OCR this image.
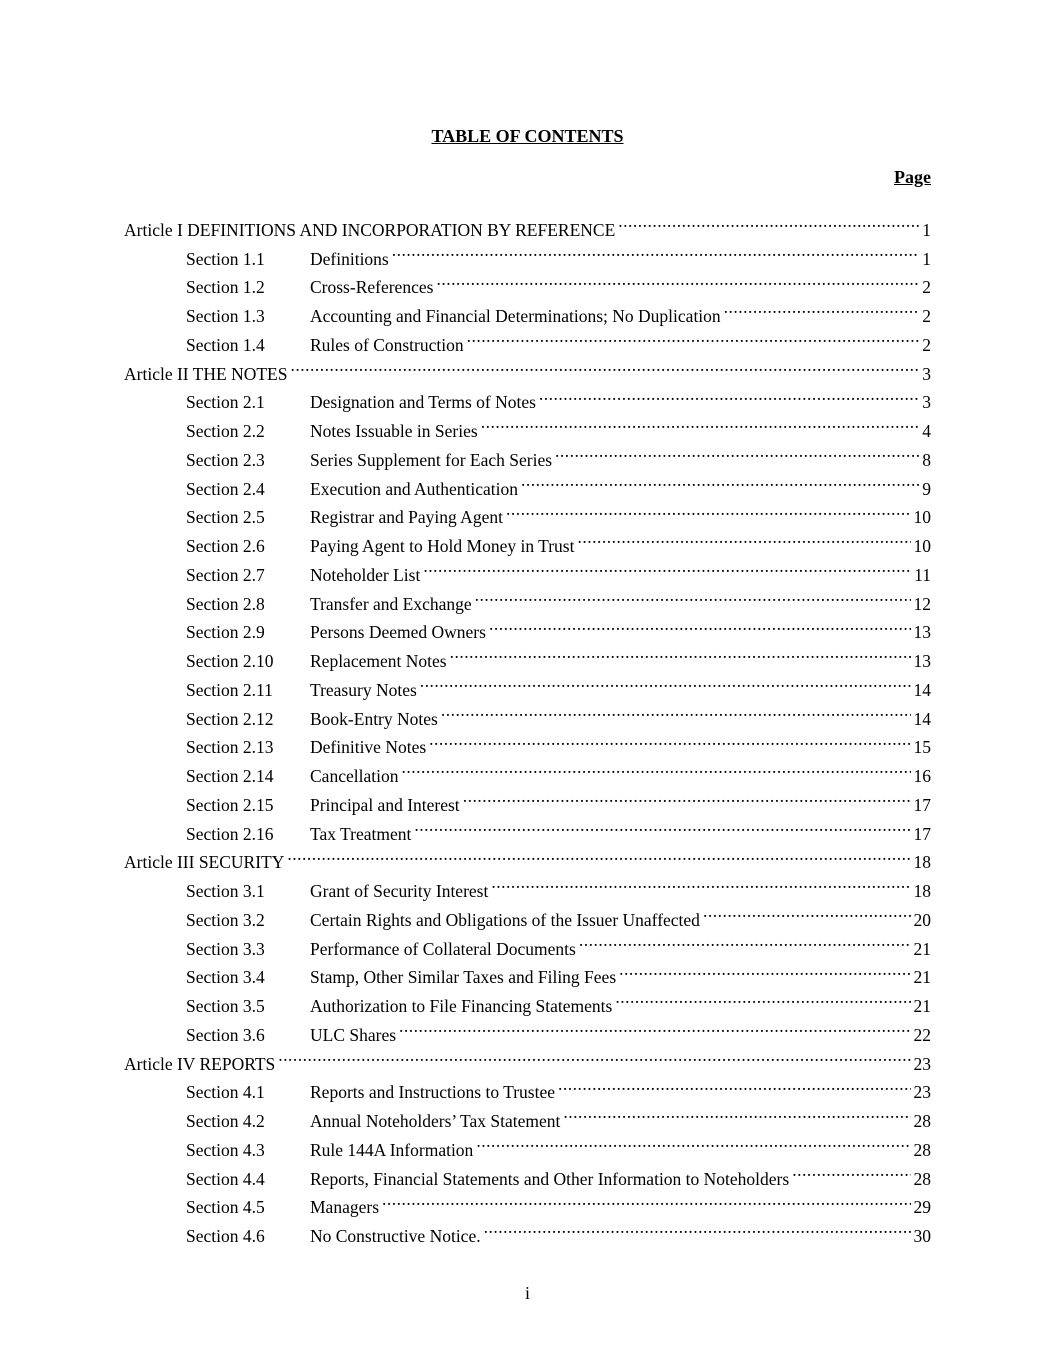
TABLE OF CONTENTS
Page
Article I DEFINITIONS AND INCORPORATION BY REFERENCE .....	1
Section 1.1	Definitions .....	1
Section 1.2	Cross-References .....	2
Section 1.3	Accounting and Financial Determinations; No Duplication .....	2
Section 1.4	Rules of Construction .....	2
Article II THE NOTES .....	3
Section 2.1	Designation and Terms of Notes .....	3
Section 2.2	Notes Issuable in Series .....	4
Section 2.3	Series Supplement for Each Series .....	8
Section 2.4	Execution and Authentication .....	9
Section 2.5	Registrar and Paying Agent .....	10
Section 2.6	Paying Agent to Hold Money in Trust .....	10
Section 2.7	Noteholder List .....	11
Section 2.8	Transfer and Exchange .....	12
Section 2.9	Persons Deemed Owners .....	13
Section 2.10	Replacement Notes .....	13
Section 2.11	Treasury Notes .....	14
Section 2.12	Book-Entry Notes .....	14
Section 2.13	Definitive Notes .....	15
Section 2.14	Cancellation .....	16
Section 2.15	Principal and Interest .....	17
Section 2.16	Tax Treatment .....	17
Article III SECURITY .....	18
Section 3.1	Grant of Security Interest .....	18
Section 3.2	Certain Rights and Obligations of the Issuer Unaffected .....	20
Section 3.3	Performance of Collateral Documents .....	21
Section 3.4	Stamp, Other Similar Taxes and Filing Fees .....	21
Section 3.5	Authorization to File Financing Statements .....	21
Section 3.6	ULC Shares .....	22
Article IV REPORTS .....	23
Section 4.1	Reports and Instructions to Trustee .....	23
Section 4.2	Annual Noteholders’ Tax Statement .....	28
Section 4.3	Rule 144A Information .....	28
Section 4.4	Reports, Financial Statements and Other Information to Noteholders .....	28
Section 4.5	Managers .....	29
Section 4.6	No Constructive Notice. .....	30
i
